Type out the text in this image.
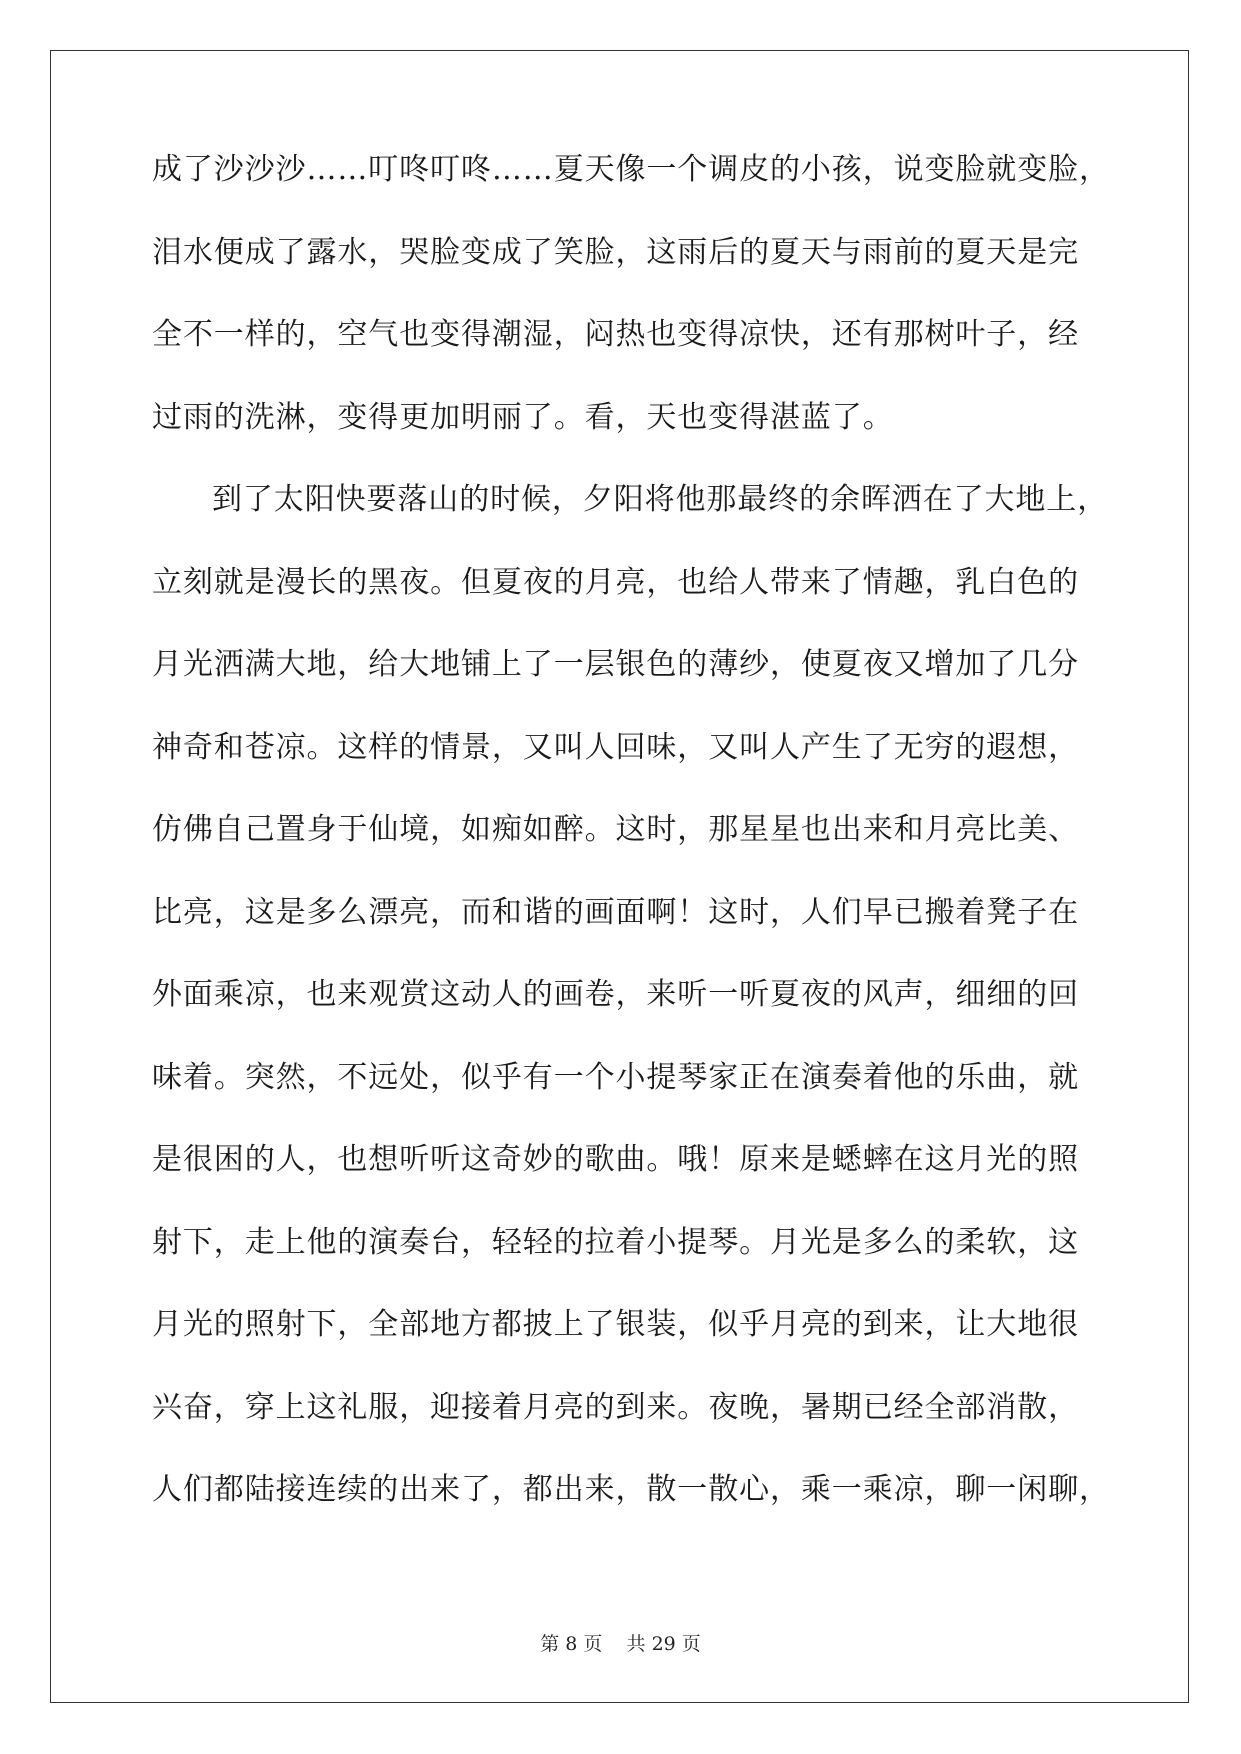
成了沙沙沙……叮咚叮咚……夏天像一个调皮的小孩，说变脸就变脸，
泪水便成了露水，哭脸变成了笑脸，这雨后的夏天与雨前的夏天是完
全不一样的，空气也变得潮湿，闷热也变得凉快，还有那树叶子，经
过雨的洗淋，变得更加明丽了。看，天也变得湛蓝了。
到了太阳快要落山的时候，夕阳将他那最终的余晖洒在了大地上，
立刻就是漫长的黑夜。但夏夜的月亮，也给人带来了情趣，乳白色的
月光洒满大地，给大地铺上了一层银色的薄纱，使夏夜又增加了几分
神奇和苍凉。这样的情景，又叫人回味，又叫人产生了无穷的遐想，
仿佛自己置身于仙境，如痴如醉。这时，那星星也出来和月亮比美、
比亮，这是多么漂亮，而和谐的画面啊！这时，人们早已搬着凳子在
外面乘凉，也来观赏这动人的画卷，来听一听夏夜的风声，细细的回
味着。突然，不远处，似乎有一个小提琴家正在演奏着他的乐曲，就
是很困的人，也想听听这奇妙的歌曲。哦！原来是蟋蟀在这月光的照
射下，走上他的演奏台，轻轻的拉着小提琴。月光是多么的柔软，这
月光的照射下，全部地方都披上了银装，似乎月亮的到来，让大地很
兴奋，穿上这礼服，迎接着月亮的到来。夜晚，暑期已经全部消散，
人们都陆接连续的出来了，都出来，散一散心，乘一乘凉，聊一闲聊，
第 8 页 共 29 页
